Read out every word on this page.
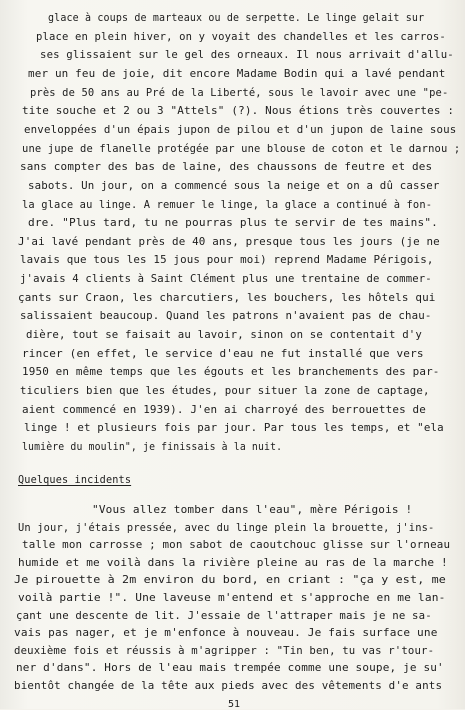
glace à coups de marteaux ou de serpette. Le linge gelait sur
place en plein hiver, on y voyait des chandelles et les carros-
ses glissaient sur le gel des orneaux. Il nous arrivait d'allu-
mer un feu de joie, dit encore Madame Bodin qui a lavé pendant
près de 50 ans au Pré de la Liberté, sous le lavoir avec une "pe-
tite souche et 2 ou 3 "Attels" (?). Nous étions très couvertes :
enveloppées d'un épais jupon de pilou et d'un jupon de laine sous
une jupe de flanelle protégée par une blouse de coton et le darnou ;
sans compter des bas de laine, des chaussons de feutre et des
sabots. Un jour, on a commencé sous la neige et on a dû casser
la glace au linge. A remuer le linge, la glace a continué à fon-
dre. "Plus tard, tu ne pourras plus te servir de tes mains".
J'ai lavé pendant près de 40 ans, presque tous les jours (je ne
lavais que tous les 15 jous pour moi) reprend Madame Périgois,
j'avais 4 clients à Saint Clément plus une trentaine de commer-
çants sur Craon, les charcutiers, les bouchers, les hôtels qui
salissaient beaucoup. Quand les patrons n'avaient pas de chau-
dière, tout se faisait au lavoir, sinon on se contentait d'y
rincer (en effet, le service d'eau ne fut installé que vers
1950 en même temps que les égouts et les branchements des par-
ticuliers bien que les études, pour situer la zone de captage,
aient commencé en 1939). J'en ai charroyé des berrouettes de
linge ! et plusieurs fois par jour. Par tous les temps, et "ela
lumière du moulin", je finissais à la nuit.
Quelques incidents
"Vous allez tomber dans l'eau", mère Périgois !
Un jour, j'étais pressée, avec du linge plein la brouette, j'ins-
talle mon carrosse ; mon sabot de caoutchouc glisse sur l'orneau
humide et me voilà dans la rivière pleine au ras de la marche !
Je pirouette à 2m environ du bord, en criant : "ça y est, me
voilà partie !". Une laveuse m'entend et s'approche en me lan-
çant une descente de lit. J'essaie de l'attraper mais je ne sa-
vais pas nager, et je m'enfonce à nouveau. Je fais surface une
deuxième fois et réussis à m'agripper : "Tin ben, tu vas r'tour-
ner d'dans". Hors de l'eau mais trempée comme une soupe, je su'
bientôt changée de la tête aux pieds avec des vêtements d'e ants
51
